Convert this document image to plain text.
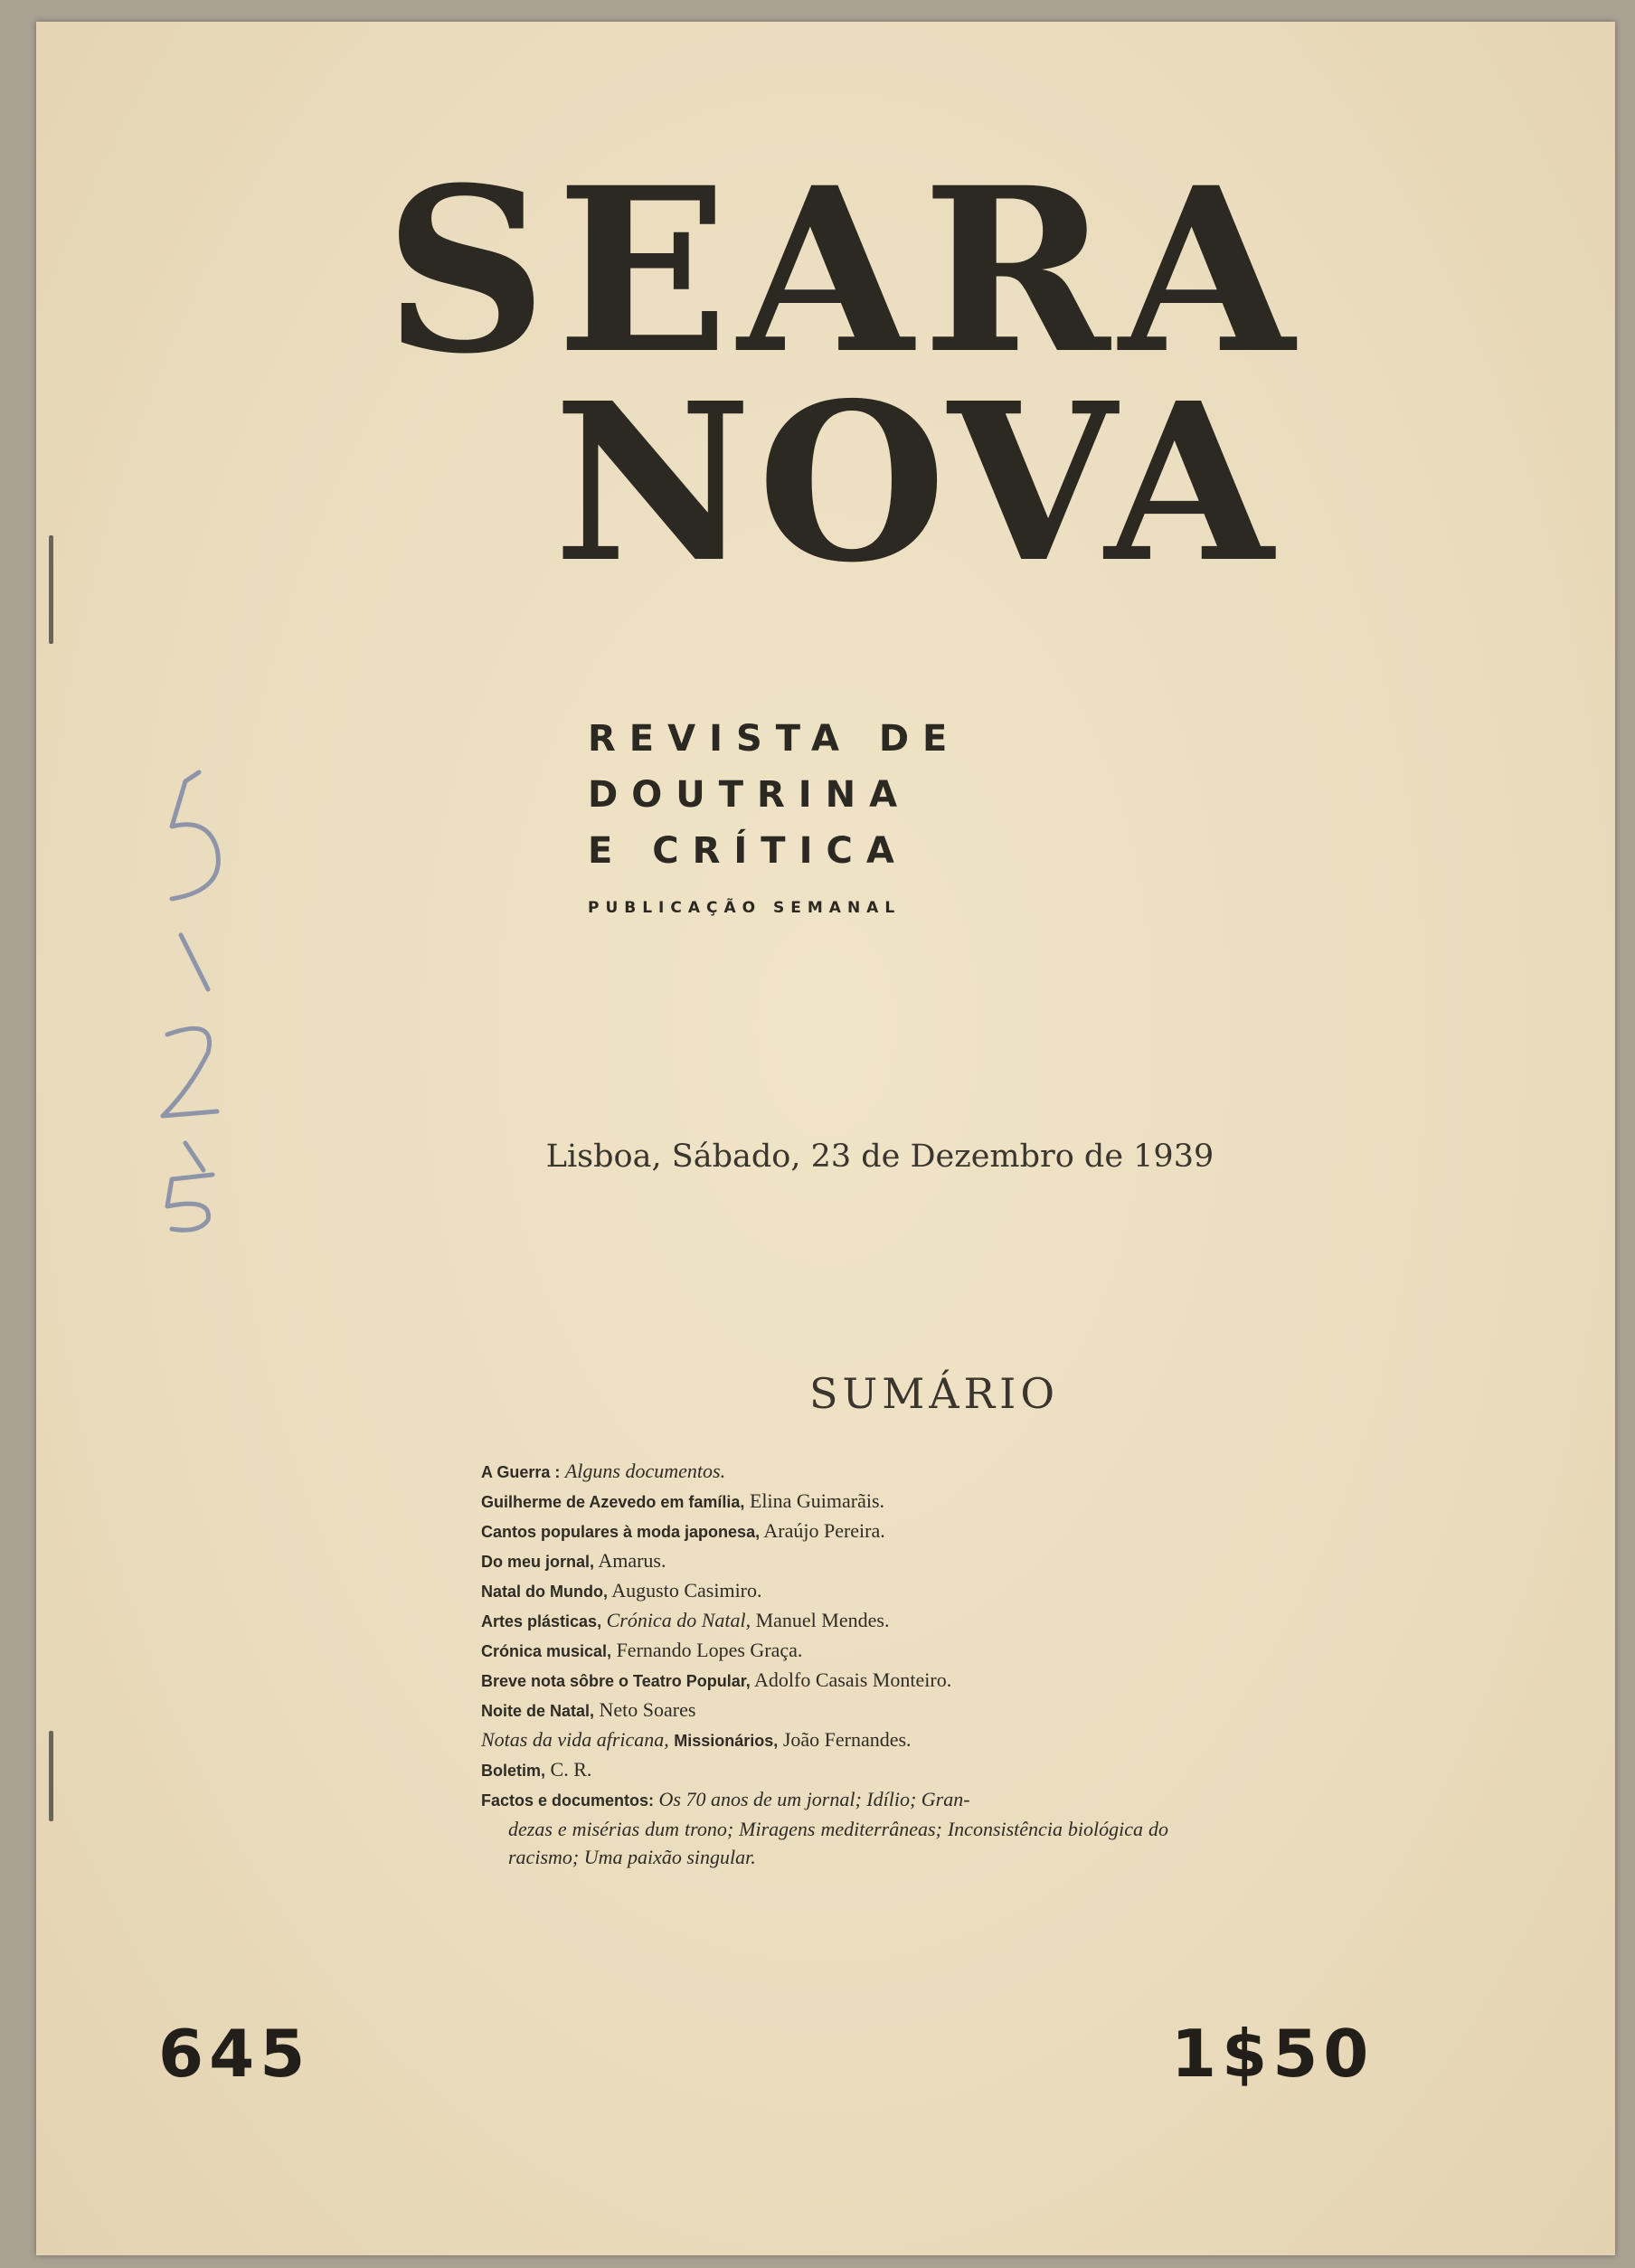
SEARA
NOVA
REVISTA DE
DOUTRINA
E CRÍTICA
PUBLICAÇÃO SEMANAL
5-2-25
Lisboa, Sábado, 23 de Dezembro de 1939
SUMÁRIO
A Guerra : Alguns documentos.
Guilherme de Azevedo em família, Elina Guimarãis.
Cantos populares à moda japonesa, Araújo Pereira.
Do meu jornal, Amarus.
Natal do Mundo, Augusto Casimiro.
Artes plásticas, Crónica do Natal, Manuel Mendes.
Crónica musical, Fernando Lopes Graça.
Breve nota sôbre o Teatro Popular, Adolfo Casais Monteiro.
Noite de Natal, Neto Soares
Notas da vida africana, Missionários, João Fernandes.
Boletim, C. R.
Factos e documentos: Os 70 anos de um jornal; Idílio; Gran-
dezas e misérias dum trono; Miragens mediterrâneas; Inconsistência biológica do racismo; Uma paixão singular.
645	1$50
